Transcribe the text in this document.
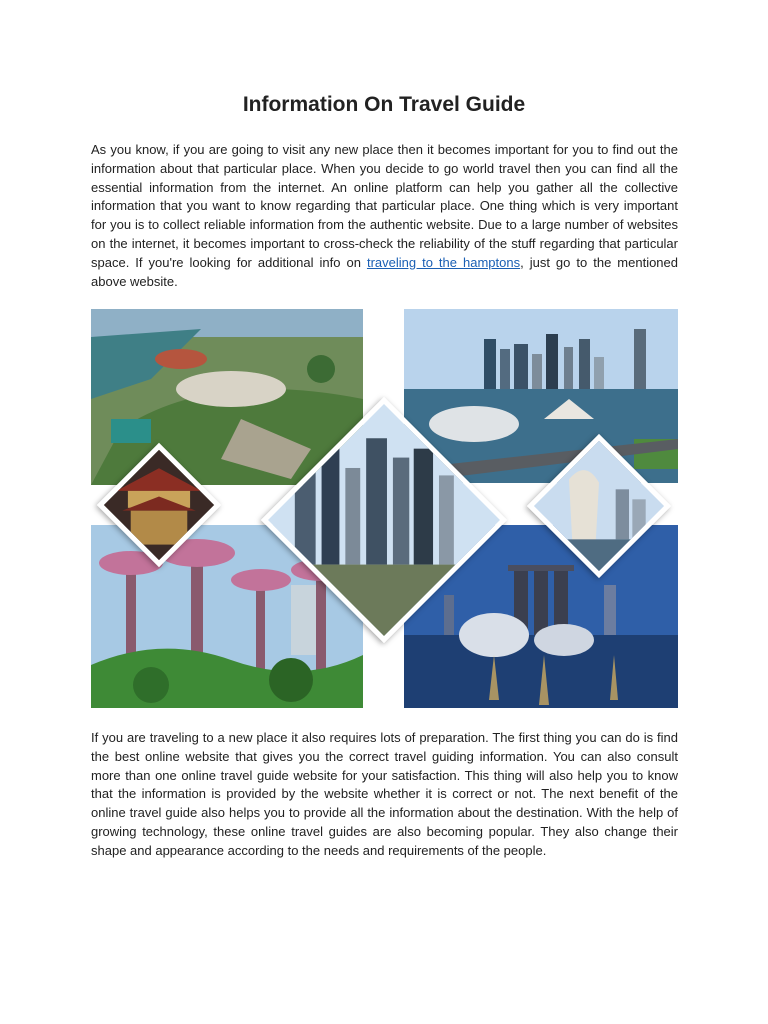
Information On Travel Guide

As you know, if you are going to visit any new place then it becomes important for you to find out the information about that particular place. When you decide to go world travel then you can find all the essential information from the internet. An online platform can help you gather all the collective information that you want to know regarding that particular place. One thing which is very important for you is to collect reliable information from the authentic website. Due to a large number of websites on the internet, it becomes important to cross-check the reliability of the stuff regarding that particular space. If you're looking for additional info on traveling to the hamptons, just go to the mentioned above website.

If you are traveling to a new place it also requires lots of preparation. The first thing you can do is find the best online website that gives you the correct travel guiding information. You can also consult more than one online travel guide website for your satisfaction. This thing will also help you to know that the information is provided by the website whether it is correct or not. The next benefit of the online travel guide also helps you to provide all the information about the destination. With the help of growing technology, these online travel guides are also becoming popular. They also change their shape and appearance according to the needs and requirements of the people.
